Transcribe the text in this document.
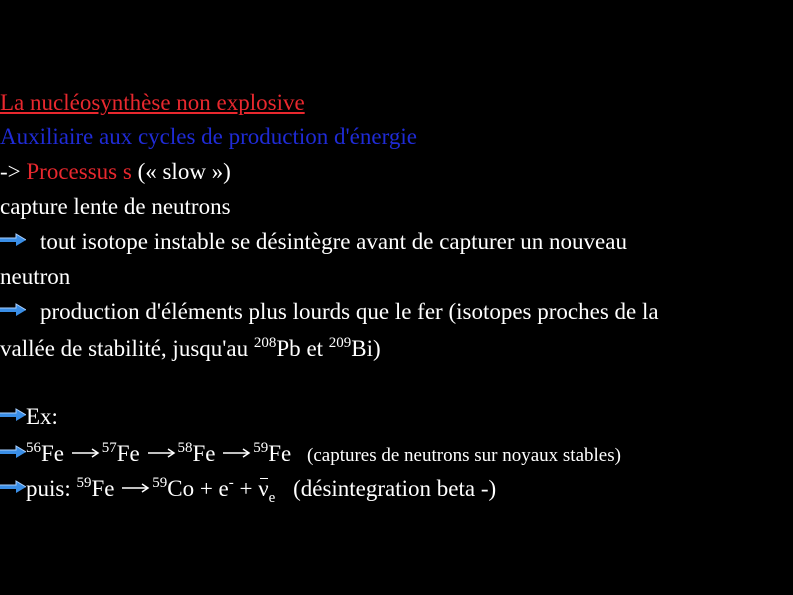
La nucléosynthèse non explosive
Auxiliaire aux cycles de production d'énergie
-> Processus s (« slow »)
capture lente de neutrons
tout isotope instable se désintègre avant de capturer un nouveau
neutron
production d'éléments plus lourds que le fer (isotopes proches de la
vallée de stabilité, jusqu'au $^{208}$Pb et $^{209}$Bi)
Ex:
$^{56}$Fe →$^{57}$Fe →$^{58}$Fe →$^{59}$Fe (captures de neutrons sur noyaux stables)
puis: $^{59}$Fe →$^{59}$Co + e- +
$\nu_e$ (désintegration beta -)
